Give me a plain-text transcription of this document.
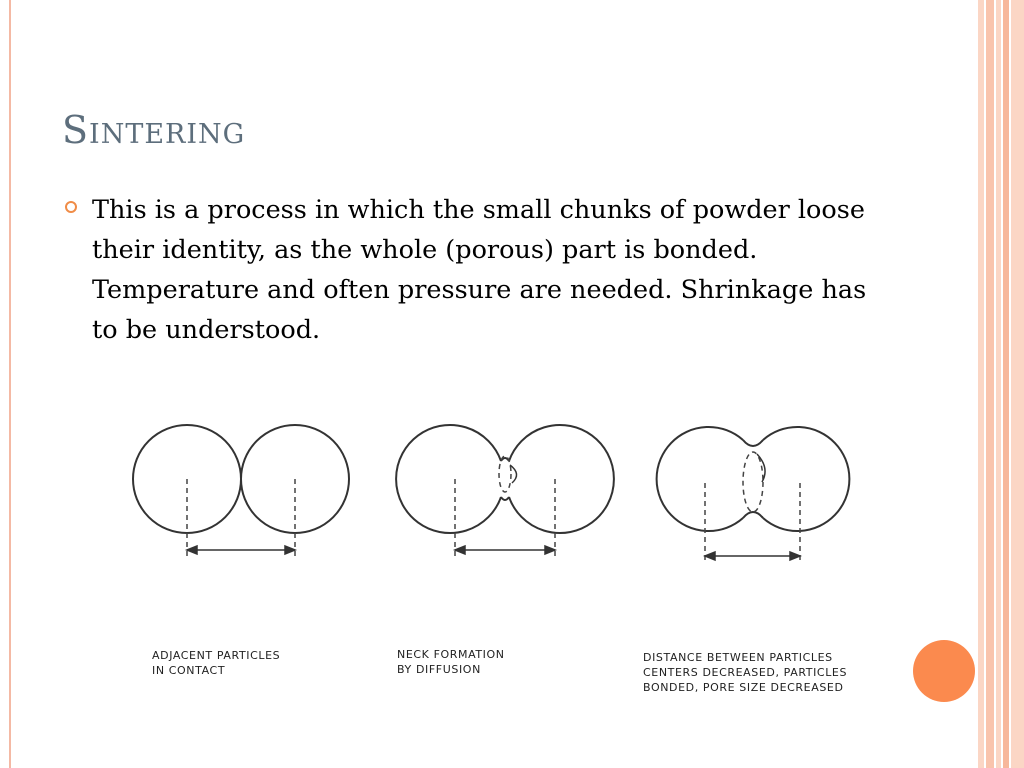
Sintering
This is a process in which the small chunks of powder loose their identity, as the whole (porous) part is bonded. Temperature and often pressure are needed. Shrinkage has to be understood.
ADJACENT PARTICLES
IN CONTACT
NECK FORMATION
BY DIFFUSION
DISTANCE BETWEEN PARTICLES
CENTERS DECREASED, PARTICLES
BONDED, PORE SIZE DECREASED
